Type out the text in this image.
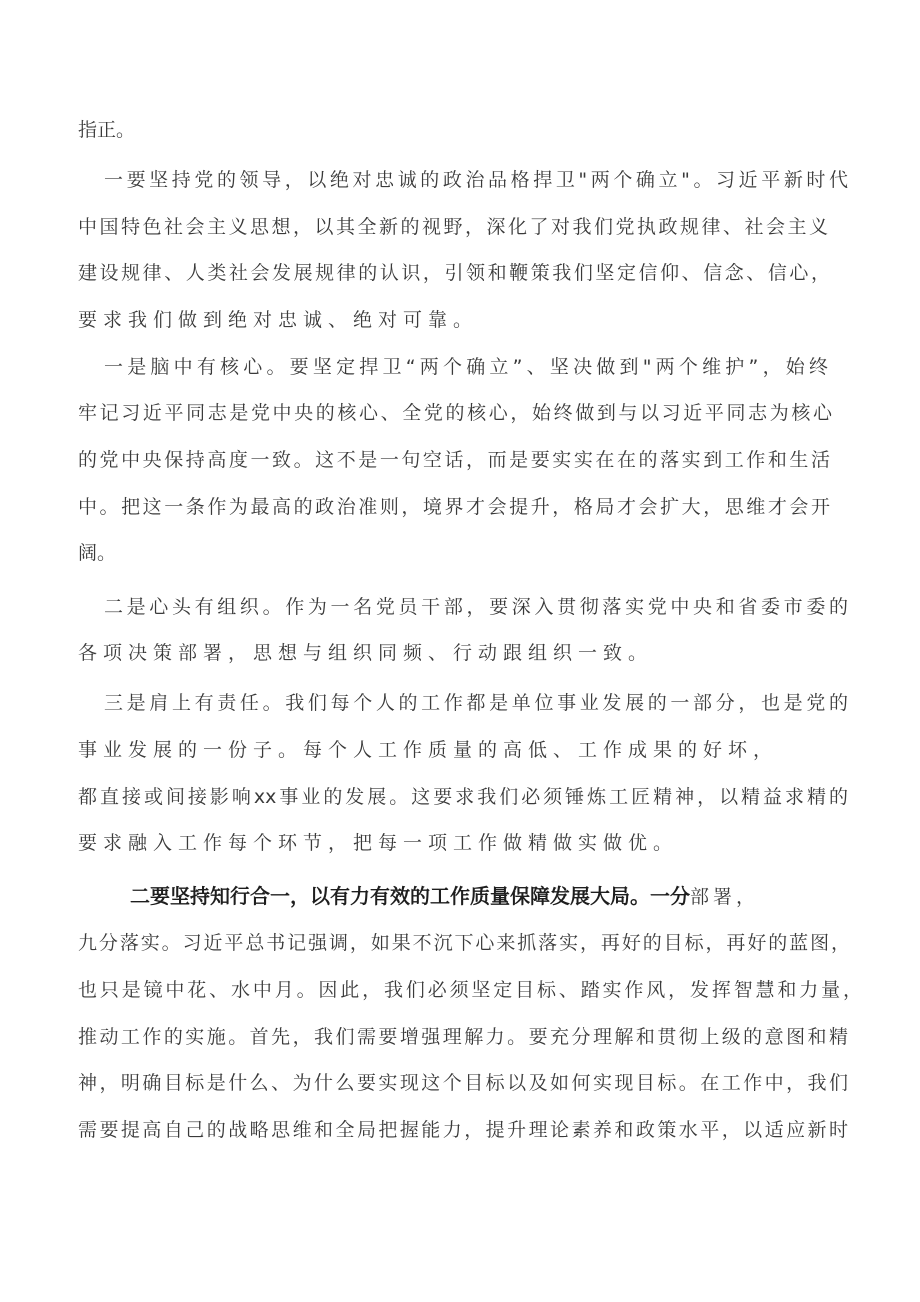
指正。
一要坚持党的领导，以绝对忠诚的政治品格捍卫"两个确立"。习近平新时代
中国特色社会主义思想，以其全新的视野，深化了对我们党执政规律、社会主义
建设规律、人类社会发展规律的认识，引领和鞭策我们坚定信仰、信念、信心，
要求我们做到绝对忠诚、绝对可靠。
一是脑中有核心。要坚定捍卫“两个确立”、坚决做到"两个维护”，始终
牢记习近平同志是党中央的核心、全党的核心，始终做到与以习近平同志为核心
的党中央保持高度一致。这不是一句空话，而是要实实在在的落实到工作和生活
中。把这一条作为最高的政治准则，境界才会提升，格局才会扩大，思维才会开
阔。
二是心头有组织。作为一名党员干部，要深入贯彻落实党中央和省委市委的
各项决策部署，思想与组织同频、行动跟组织一致。
三是肩上有责任。我们每个人的工作都是单位事业发展的一部分，也是党的
事业发展的一份子。每个人工作质量的高低、工作成果的好坏，
都直接或间接影响xx事业的发展。这要求我们必须锤炼工匠精神，以精益求精的
要求融入工作每个环节，把每一项工作做精做实做优。
二要坚持知行合一，以有力有效的工作质量保障发展大局。一分部署，
九分落实。习近平总书记强调，如果不沉下心来抓落实，再好的目标，再好的蓝图，
也只是镜中花、水中月。因此，我们必须坚定目标、踏实作风，发挥智慧和力量，
推动工作的实施。首先，我们需要增强理解力。要充分理解和贯彻上级的意图和精
神，明确目标是什么、为什么要实现这个目标以及如何实现目标。在工作中，我们
需要提高自己的战略思维和全局把握能力，提升理论素养和政策水平，以适应新时
